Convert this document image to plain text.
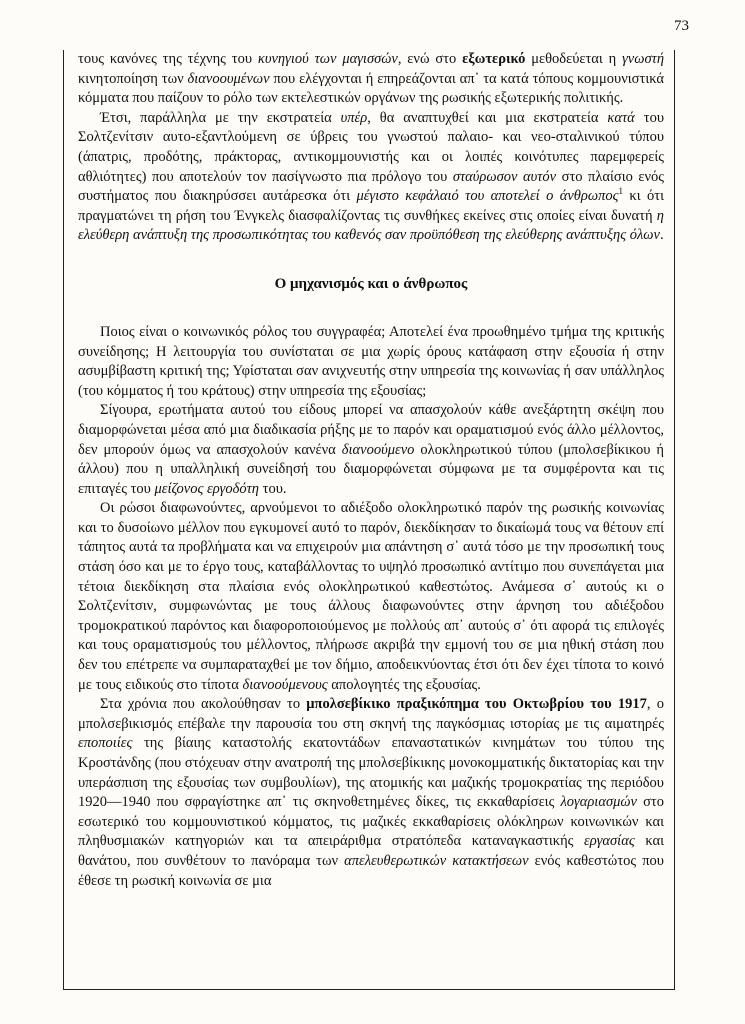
73

τους κανόνες της τέχνης του κυνηγιού των μαγισσών, ενώ στο εξωτερικό μεθοδεύεται η γνωστή κινητοποίηση των διανοουμένων που ελέγχονται ή επηρεάζονται απ᾽ τα κατά τόπους κομμουνιστικά κόμματα που παίζουν το ρόλο των εκτελεστικών οργάνων της ρωσικής εξωτερικής πολιτικής.

Έτσι, παράλληλα με την εκστρατεία υπέρ, θα αναπτυχθεί και μια εκστρατεία κατά του Σολτζενίτσιν αυτο-εξαντλούμενη σε ύβρεις του γνωστού παλαιο- και νεο-σταλινικού τύπου (άπατρις, προδότης, πράκτορας, αντικομμουνιστής και οι λοιπές κοινότυπες παρεμφερείς αθλιότητες) που αποτελούν τον πασίγνωστο πια πρόλογο του σταύρωσον αυτόν στο πλαίσιο ενός συστήματος που διακηρύσσει αυτάρεσκα ότι μέγιστο κεφάλαιό του αποτελεί ο άνθρωπος$^1$ κι ότι πραγματώνει τη ρήση του Ένγκελς διασφαλίζοντας τις συνθήκες εκείνες στις οποίες είναι δυνατή η ελεύθερη ανάπτυξη της προσωπικότητας του καθενός σαν προϋπόθεση της ελεύθερης ανάπτυξης όλων.

Ο μηχανισμός και ο άνθρωπος

Ποιος είναι ο κοινωνικός ρόλος του συγγραφέα; Αποτελεί ένα προωθημένο τμήμα της κριτικής συνείδησης; Η λειτουργία του συνίσταται σε μια χωρίς όρους κατάφαση στην εξουσία ή στην ασυμβίβαστη κριτική της; Υφίσταται σαν ανιχνευτής στην υπηρεσία της κοινωνίας ή σαν υπάλληλος (του κόμματος ή του κράτους) στην υπηρεσία της εξουσίας;

Σίγουρα, ερωτήματα αυτού του είδους μπορεί να απασχολούν κάθε ανεξάρτητη σκέψη που διαμορφώνεται μέσα από μια διαδικασία ρήξης με το παρόν και οραματισμού ενός άλλο μέλλοντος, δεν μπορούν όμως να απασχολούν κανένα διανοούμενο ολοκληρωτικού τύπου (μπολσεβίκικου ή άλλου) που η υπαλληλική συνείδησή του διαμορφώνεται σύμφωνα με τα συμφέροντα και τις επιταγές του μείζονος εργοδότη του.

Οι ρώσοι διαφωνούντες, αρνούμενοι το αδιέξοδο ολοκληρωτικό παρόν της ρωσικής κοινωνίας και το δυσοίωνο μέλλον που εγκυμονεί αυτό το παρόν, διεκδίκησαν το δικαίωμά τους να θέτουν επί τάπητος αυτά τα προβλήματα και να επιχειρούν μια απάντηση σ᾽ αυτά τόσο με την προσωπική τους στάση όσο και με το έργο τους, καταβάλλοντας το υψηλό προσωπικό αντίτιμο που συνεπάγεται μια τέτοια διεκδίκηση στα πλαίσια ενός ολοκληρωτικού καθεστώτος. Ανάμεσα σ᾽ αυτούς κι ο Σολτζενίτσιν, συμφωνώντας με τους άλλους διαφωνούντες στην άρνηση του αδιέξοδου τρομοκρατικού παρόντος και διαφοροποιούμενος με πολλούς απ᾽ αυτούς σ᾽ ότι αφορά τις επιλογές και τους οραματισμούς του μέλλοντος, πλήρωσε ακριβά την εμμονή του σε μια ηθική στάση που δεν του επέτρεπε να συμπαραταχθεί με τον δήμιο, αποδεικνύοντας έτσι ότι δεν έχει τίποτα το κοινό με τους ειδικούς στο τίποτα διανοούμενους απολογητές της εξουσίας.

Στα χρόνια που ακολούθησαν το μπολσεβίκικο πραξικόπημα του Οκτωβρίου του 1917, ο μπολσεβικισμός επέβαλε την παρουσία του στη σκηνή της παγκόσμιας ιστορίας με τις αιματηρές εποποιίες της βίαιης καταστολής εκατοντάδων επαναστατικών κινημάτων του τύπου της Κροστάνδης (που στόχευαν στην ανατροπή της μπολσεβίκικης μονοκομματικής δικτατορίας και την υπεράσπιση της εξουσίας των συμβουλίων), της ατομικής και μαζικής τρομοκρατίας της περιόδου 1920—1940 που σφραγίστηκε απ᾽ τις σκηνοθετημένες δίκες, τις εκκαθαρίσεις λογαριασμών στο εσωτερικό του κομμουνιστικού κόμματος, τις μαζικές εκκαθαρίσεις ολόκληρων κοινωνικών και πληθυσμιακών κατηγοριών και τα απειράριθμα στρατόπεδα καταναγκαστικής εργασίας και θανάτου, που συνθέτουν το πανόραμα των απελευθερωτικών κατακτήσεων ενός καθεστώτος που έθεσε τη ρωσική κοινωνία σε μια
